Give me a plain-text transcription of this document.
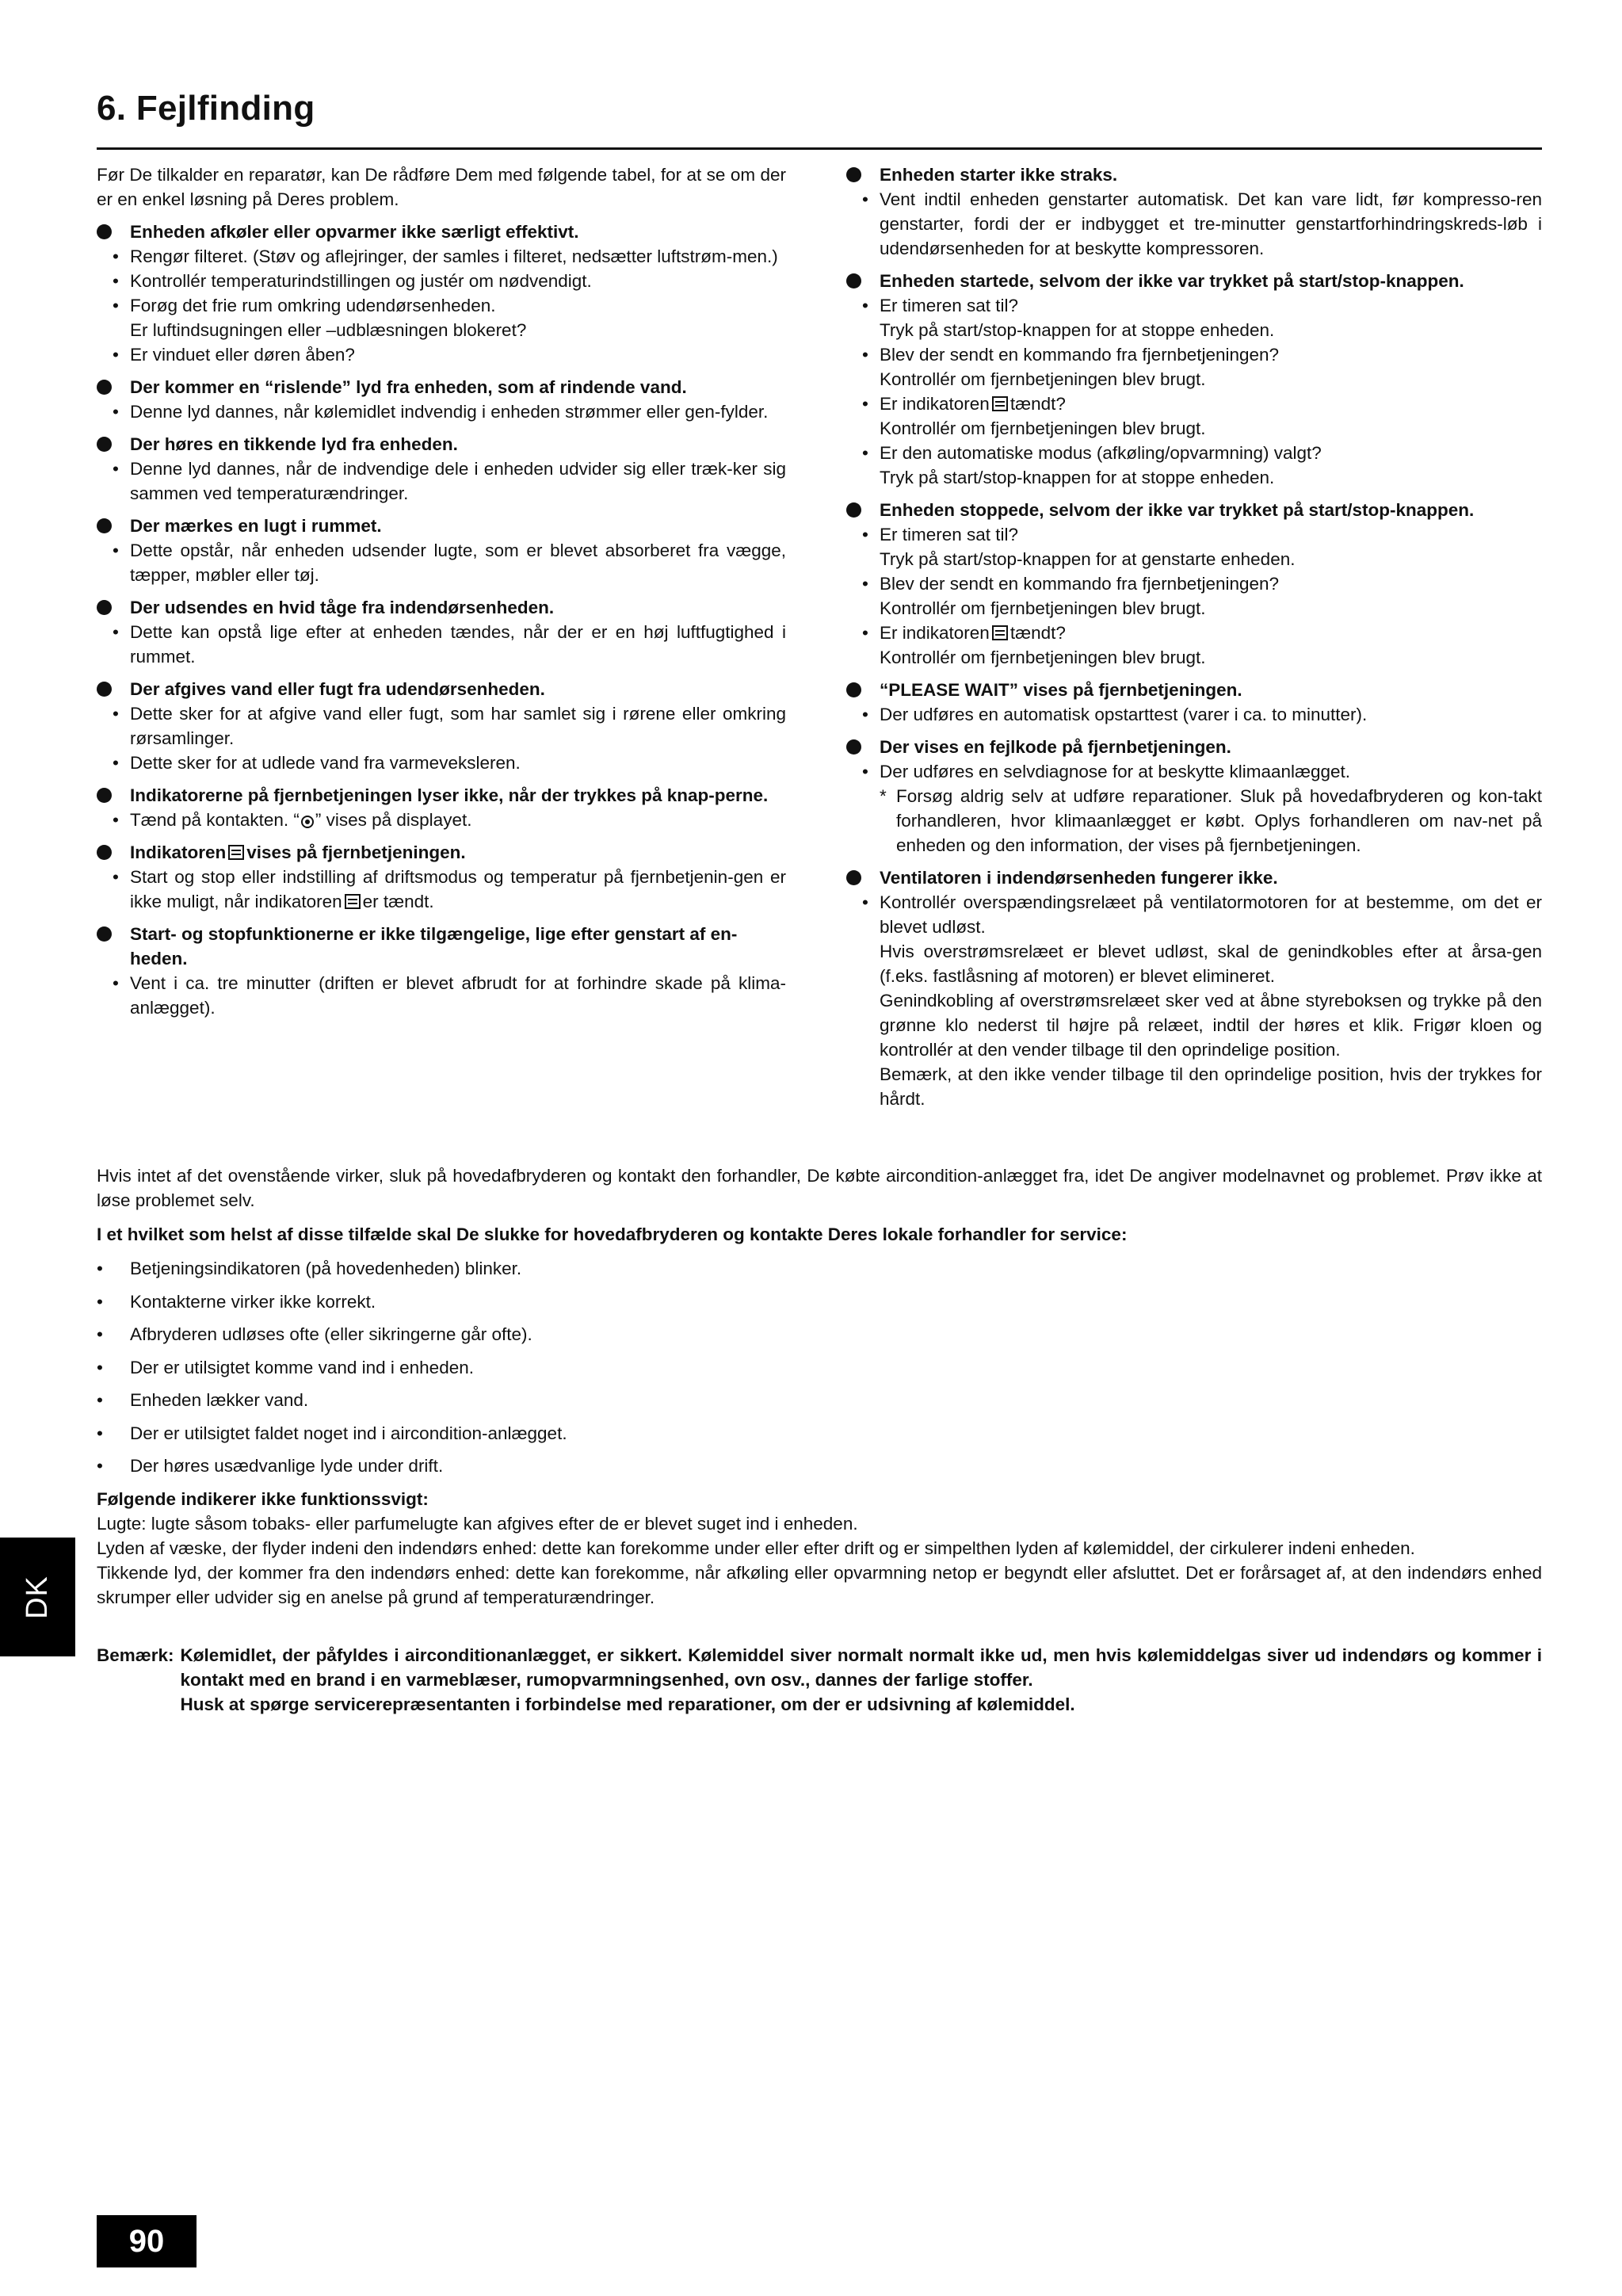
6. Fejlfinding

Før De tilkalder en reparatør, kan De rådføre Dem med følgende tabel, for at se om der er en enkel løsning på Deres problem.

Enheden afkøler eller opvarmer ikke særligt effektivt.
• Rengør filteret. (Støv og aflejringer, der samles i filteret, nedsætter luftstrøm-men.)
• Kontrollér temperaturindstillingen og justér om nødvendigt.
• Forøg det frie rum omkring udendørsenheden.
Er luftindsugningen eller –udblæsningen blokeret?
• Er vinduet eller døren åben?
Der kommer en “rislende” lyd fra enheden, som af rindende vand.
• Denne lyd dannes, når kølemidlet indvendig i enheden strømmer eller gen-fylder.
Der høres en tikkende lyd fra enheden.
• Denne lyd dannes, når de indvendige dele i enheden udvider sig eller træk-ker sig sammen ved temperaturændringer.
Der mærkes en lugt i rummet.
• Dette opstår, når enheden udsender lugte, som er blevet absorberet fra vægge, tæpper, møbler eller tøj.
Der udsendes en hvid tåge fra indendørsenheden.
• Dette kan opstå lige efter at enheden tændes, når der er en høj luftfugtighed i rummet.
Der afgives vand eller fugt fra udendørsenheden.
• Dette sker for at afgive vand eller fugt, som har samlet sig i rørene eller omkring rørsamlinger.
• Dette sker for at udlede vand fra varmeveksleren.
Indikatorerne på fjernbetjeningen lyser ikke, når der trykkes på knap-perne.
• Tænd på kontakten. “ ” vises på displayet.
Indikatoren vises på fjernbetjeningen.
• Start og stop eller indstilling af driftsmodus og temperatur på fjernbetjenin-gen er ikke muligt, når indikatoren er tændt.
Start- og stopfunktionerne er ikke tilgængelige, lige efter genstart af en-heden.
• Vent i ca. tre minutter (driften er blevet afbrudt for at forhindre skade på klima-anlægget).
Enheden starter ikke straks.
• Vent indtil enheden genstarter automatisk. Det kan vare lidt, før kompresso-ren genstarter, fordi der er indbygget et tre-minutter genstartforhindringskreds-løb i udendørsenheden for at beskytte kompressoren.
Enheden startede, selvom der ikke var trykket på start/stop-knappen.
• Er timeren sat til?
Tryk på start/stop-knappen for at stoppe enheden.
• Blev der sendt en kommando fra fjernbetjeningen?
Kontrollér om fjernbetjeningen blev brugt.
• Er indikatoren tændt?
Kontrollér om fjernbetjeningen blev brugt.
• Er den automatiske modus (afkøling/opvarmning) valgt?
Tryk på start/stop-knappen for at stoppe enheden.
Enheden stoppede, selvom der ikke var trykket på start/stop-knappen.
• Er timeren sat til?
Tryk på start/stop-knappen for at genstarte enheden.
• Blev der sendt en kommando fra fjernbetjeningen?
Kontrollér om fjernbetjeningen blev brugt.
• Er indikatoren tændt?
Kontrollér om fjernbetjeningen blev brugt.
“PLEASE WAIT” vises på fjernbetjeningen.
• Der udføres en automatisk opstarttest (varer i ca. to minutter).
Der vises en fejlkode på fjernbetjeningen.
• Der udføres en selvdiagnose for at beskytte klimaanlægget.
* Forsøg aldrig selv at udføre reparationer. Sluk på hovedafbryderen og kon-takt forhandleren, hvor klimaanlægget er købt. Oplys forhandleren om nav-net på enheden og den information, der vises på fjernbetjeningen.
Ventilatoren i indendørsenheden fungerer ikke.
• Kontrollér overspændingsrelæet på ventilatormotoren for at bestemme, om det er blevet udløst.
Hvis overstrømsrelæet er blevet udløst, skal de genindkobles efter at årsa-gen (f.eks. fastlåsning af motoren) er blevet elimineret.
Genindkobling af overstrømsrelæet sker ved at åbne styreboksen og trykke på den grønne klo nederst til højre på relæet, indtil der høres et klik. Frigør kloen og kontrollér at den vender tilbage til den oprindelige position.
Bemærk, at den ikke vender tilbage til den oprindelige position, hvis der trykkes for hårdt.

Hvis intet af det ovenstående virker, sluk på hovedafbryderen og kontakt den forhandler, De købte aircondition-anlægget fra, idet De angiver modelnavnet og problemet. Prøv ikke at løse problemet selv.

I et hvilket som helst af disse tilfælde skal De slukke for hovedafbryderen og kontakte Deres lokale forhandler for service:

• Betjeningsindikatoren (på hovedenheden) blinker.
• Kontakterne virker ikke korrekt.
• Afbryderen udløses ofte (eller sikringerne går ofte).
• Der er utilsigtet komme vand ind i enheden.
• Enheden lækker vand.
• Der er utilsigtet faldet noget ind i aircondition-anlægget.
• Der høres usædvanlige lyde under drift.

Følgende indikerer ikke funktionssvigt:

Lugte: lugte såsom tobaks- eller parfumelugte kan afgives efter de er blevet suget ind i enheden.

Lyden af væske, der flyder indeni den indendørs enhed: dette kan forekomme under eller efter drift og er simpelthen lyden af kølemiddel, der cirkulerer indeni enheden.

Tikkende lyd, der kommer fra den indendørs enhed: dette kan forekomme, når afkøling eller opvarmning netop er begyndt eller afsluttet. Det er forårsaget af, at den indendørs enhed skrumper eller udvider sig en anelse på grund af temperaturændringer.

Bemærk: Kølemidlet, der påfyldes i airconditionanlægget, er sikkert. Kølemiddel siver normalt normalt ikke ud, men hvis kølemiddelgas siver ud indendørs og kommer i kontakt med en brand i en varmeblæser, rumopvarmningsenhed, ovn osv., dannes der farlige stoffer.
Husk at spørge servicerepræsentanten i forbindelse med reparationer, om der er udsivning af kølemiddel.
DK
90
